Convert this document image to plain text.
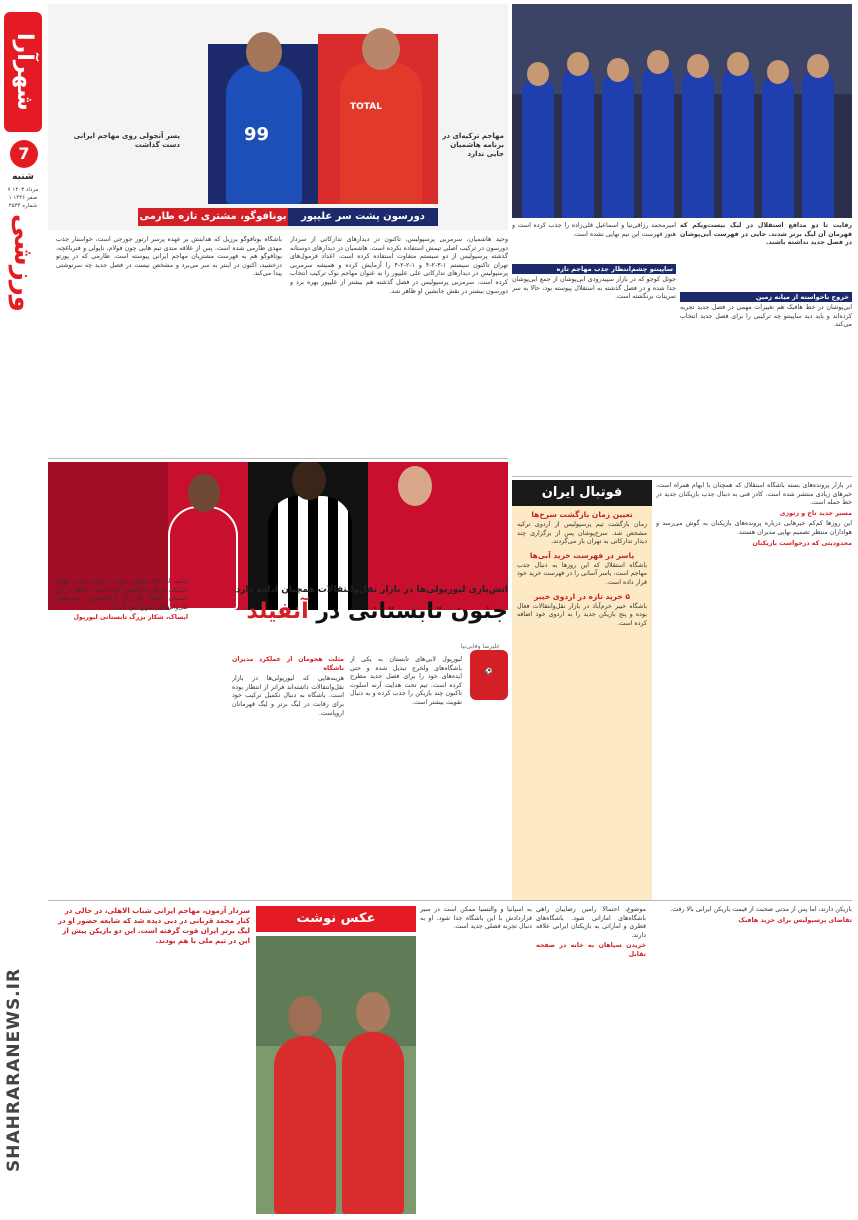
شهرآرا
7
شنبه
۷ مرداد ۱۴۰۳
۱ صفر ۱۴۴۶
شماره ۴۵۳۴
ورزشی
SHAHRARANEWS.IR
99
TOTAL
پسر آنجولی روی مهاجم ایرانی دست گذاشت
مهاجم ترکیه‌ای در برنامه هاشمیان جایی ندارد
بونافوگو، مشتری تازه طارمی	دورسون پشت سر علیپور
وحید هاشمیان، سرمربی پرسپولیس، تاکنون در دیدارهای تدارکاتی از سردار دورسون در ترکیب اصلی تیمش استفاده نکرده است. هاشمیان در دیدارهای دوستانه گذشته پرسپولیس از دو سیستم متفاوت استفاده کرده است. اعداد فرمول‌های تهران تاکنون سیستم ۱-۳-۲-۴ و ۱-۲-۲-۴ را آزمایش کرده و همیشه سرمربی پرسپولیس در دیدارهای تدارکاتی علی علیپور را به عنوان مهاجم نوک ترکیب انتخاب کرده است. سرمربی پرسپولیس در فصل گذشته هم بیشتر از علیپور بهره برد و دورسون بیشتر در نقش جانشین او ظاهر شد.
باشگاه بوتافوگو برزیل که هدایتش بر عهده پرسر آرتور جورجی است، خواستار جذب مهدی طارمی شده است. پس از علاقه مندی تیم هایی چون فولام، ناپولی و فنرباغچه، بوتافوگو هم به فهرست مشتریان مهاجم ایرانی پیوسته است. طارمی که در پورتو درخشید، اکنون در اینتر به سر می‌برد و مشخص نیست در فصل جدید چه سرنوشتی پیدا می‌کند.
آتش‌بازی لیورپولی‌ها در بازار نقل‌وانتقالات همچنان ادامه دارد
جنون تابستانی در آنفیلد
⚽
علیرضا وفایی‌نیا

لیورپول لابی‌های تابستان به یکی از باشگاه‌های ولخرج تبدیل شده و حتی ایده‌های خود را برای فصل جدید مطرح کرده است. تیم تحت هدایت آرنه اسلوت تاکنون چند بازیکن را جذب کرده و به دنبال تقویت بیشتر است.

مثلث هجومان از عملکرد مدیران باشگاه

هزینه‌هایی که لیورپولی‌ها در بازار نقل‌وانتقالات داشته‌اند فراتر از انتظار بوده است. باشگاه به دنبال تکمیل ترکیب خود برای رقابت در لیگ برتر و لیگ قهرمانان اروپاست.

ادامه آن ۵۹ میلیون یورو را برای جذب هوگو اکیتیکه، بازیکن فرانسوی کرده است. آنفیلد در این تابستان شاهد یکی از پرهزینه‌ترین پنجره‌های نقل‌وانتقالاتی تاریخ خود است.

ایساک، شکار بزرگ تابستانی لیورپول

رقابت تا دو مدافع استقلال در لیگ بیست‌ویکم که قهرمان آن لیگ برتر شدند. جایی در فهرست آبی‌پوشان در فصل جدید نداشته باشند.
امیرمحمد رزاقی‌نیا و اسماعیل قلی‌زاده را جذب کرده است و هنوز فهرست این تیم نهایی نشده است.
ساپینتو چشم‌انتظار جذب مهاجم تازه
جوئل کوجو که در بازار سپیدرودی آبی‌پوشان از جمع آبی‌پوشان جدا شده و در فصل گذشته به استقلال پیوسته بود، حالا به سر تمرینات برنگشته است.	خروج ناخواسته از میانه زمین
آبی‌پوشان در خط هافبک هم تغییرات مهمی در فصل جدید تجربه کرده‌اند و باید دید ساپینتو چه ترکیبی را برای فصل جدید انتخاب می‌کند.

در بازار پرونده‌های بسته باشگاه استقلال که همچنان با ابهام همراه است، خبرهای زیادی منتشر شده است. کادر فنی به دنبال جذب بازیکنان جدید در خط حمله است.

مسیر جدید تاج و زنوزی

این روزها کم‌کم خبرهایی درباره پرونده‌های بازیکنان به گوش می‌رسد و هواداران منتظر تصمیم نهایی مدیران هستند.

محدودیتی که درخواست بازیکنان

فوتبال ایران
تعیین زمان بازگشت سرخ‌ها
زمان بازگشت تیم پرسپولیس از اردوی ترکیه مشخص شد. سرخ‌پوشان پس از برگزاری چند دیدار تدارکاتی به تهران باز می‌گردند.
یاسر در فهرست خرید آبی‌ها
باشگاه استقلال که این روزها به دنبال جذب مهاجم است، یاسر آسانی را در فهرست خرید خود قرار داده است.
۵ خرید تازه در اردوی خیبر
باشگاه خیبر خرم‌آباد در بازار نقل‌وانتقالات فعال بوده و پنج بازیکن جدید را به اردوی خود اضافه کرده است.

بازیکن دارند، اما پس از مدتی صحبت از قیمت بازیکن ایرانی بالا رفت.

تقاضای پرسپولیس برای خرید هافبک

موضوع، احتمالاً رامین رضاییان راهی باشگاه‌های اماراتی شود. باشگاه‌های قطری و اماراتی به بازیکنان ایرانی علاقه دارند.

خریدن سپاهان به خانه در صفحه تقابل

به اسپانیا و والنسیا ممکن است در سیر قراردادش با این باشگاه جدا شود. او به دنبال تجربه فصلی جدید است.
عکس نوشت
سردار آزمون، مهاجم ایرانی شباب الاهلی، در حالی در کنار محمد قربانی در دبی دیده شد که شایعه حضور او در لیگ برتر ایران قوت گرفته است. این دو بازیکن پیش از این در تیم ملی با هم بودند.
